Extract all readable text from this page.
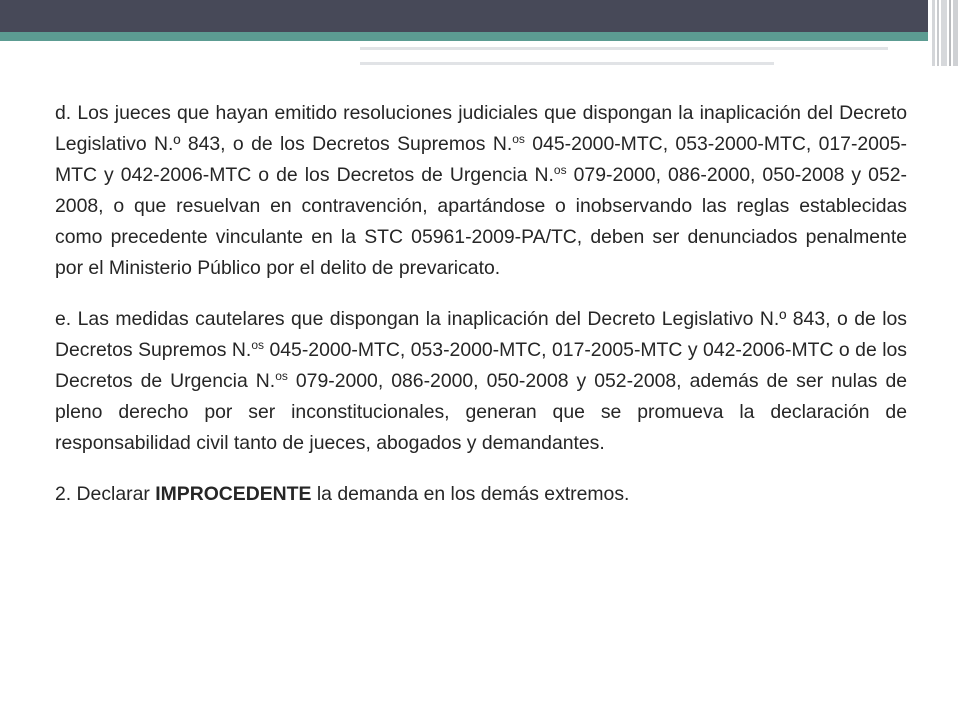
d. Los jueces que hayan emitido resoluciones judiciales que dispongan la inaplicación del Decreto Legislativo N.º 843, o de los Decretos Supremos N.$^{os}$ 045-2000-MTC, 053-2000-MTC, 017-2005-MTC y 042-2006-MTC o de los Decretos de Urgencia N.$^{os}$ 079-2000, 086-2000, 050-2008 y 052-2008, o que resuelvan en contravención, apartándose o inobservando las reglas establecidas como precedente vinculante en la STC 05961-2009-PA/TC, deben ser denunciados penalmente por el Ministerio Público por el delito de prevaricato.

e. Las medidas cautelares que dispongan la inaplicación del Decreto Legislativo N.º 843, o de los Decretos Supremos N.$^{os}$ 045-2000-MTC, 053-2000-MTC, 017-2005-MTC y 042-2006-MTC o de los Decretos de Urgencia N.$^{os}$ 079-2000, 086-2000, 050-2008 y 052-2008, además de ser nulas de pleno derecho por ser inconstitucionales, generan que se promueva la declaración de responsabilidad civil tanto de jueces, abogados y demandantes.

2. Declarar IMPROCEDENTE la demanda en los demás extremos.
